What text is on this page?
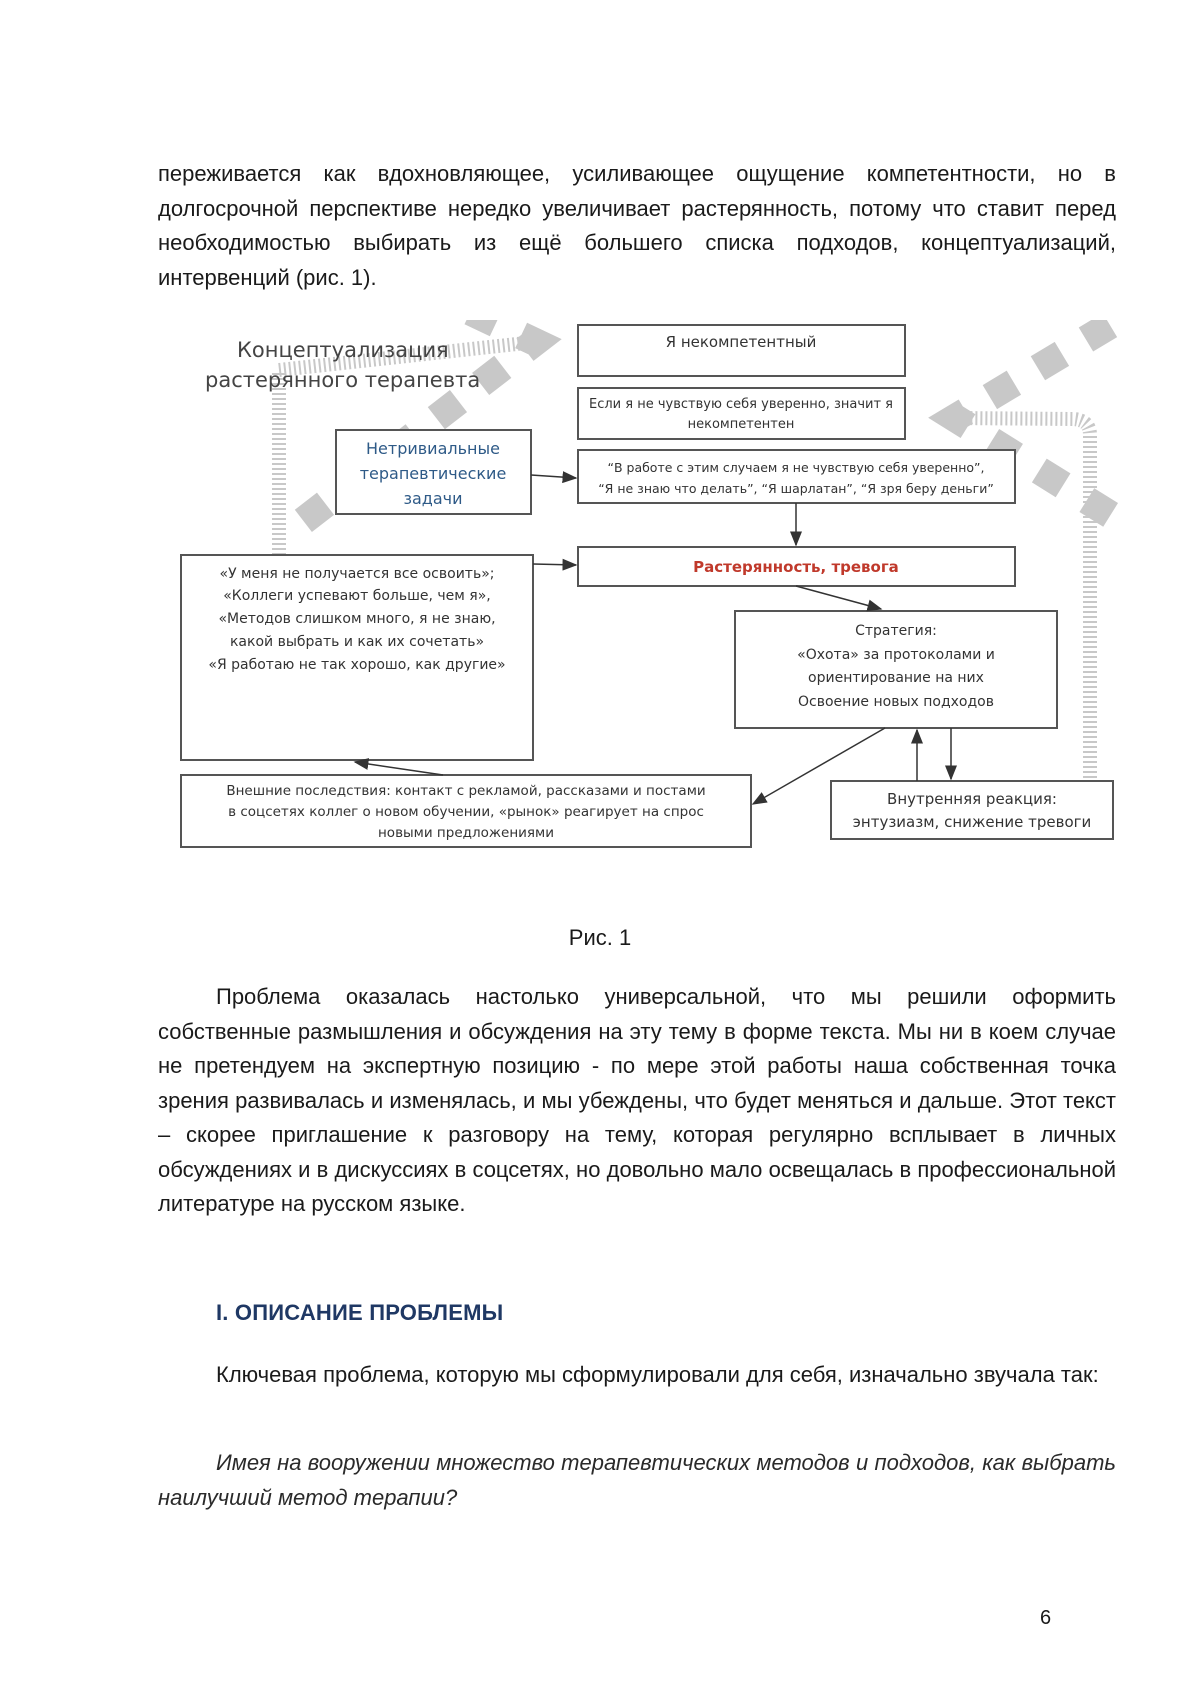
переживается как вдохновляющее, усиливающее ощущение компетентности, но в долгосрочной перспективе нередко увеличивает растерянность, потому что ставит перед необходимостью выбирать из ещё большего списка подходов, концептуализаций, интервенций (рис. 1).

Концептуализация
растерянного терапевта
Я некомпетентный
Если я не чувствую себя уверенно, значит я
некомпетентен
Нетривиальные
терапевтические
задачи
“В работе с этим случаем я не чувствую себя уверенно”,
“Я не знаю что делать”, “Я шарлатан”, “Я зря беру деньги”
Растерянность, тревога
«У меня не получается все освоить»;
«Коллеги успевают больше, чем я»,
«Методов слишком много, я не знаю,
какой выбрать и как их сочетать»
«Я работаю не так хорошо, как другие»
Стратегия:
«Охота» за протоколами и
ориентирование на них
Освоение новых подходов
Внешние последствия: контакт с рекламой, рассказами и постами
в соцсетях коллег о новом обучении, «рынок» реагирует на спрос
новыми предложениями
Внутренняя реакция:
энтузиазм, снижение тревоги

Рис. 1

Проблема оказалась настолько универсальной, что мы решили оформить собственные размышления и обсуждения на эту тему в форме текста. Мы ни в коем случае не претендуем на экспертную позицию - по мере этой работы наша собственная точка зрения развивалась и изменялась, и мы убеждены, что будет меняться и дальше. Этот текст – скорее приглашение к разговору на тему, которая регулярно всплывает в личных обсуждениях и в дискуссиях в соцсетях, но довольно мало освещалась в профессиональной литературе на русском языке.

I. ОПИСАНИЕ ПРОБЛЕМЫ

Ключевая проблема, которую мы сформулировали для себя, изначально звучала так:

Имея на вооружении множество терапевтических методов и подходов, как выбрать наилучший метод терапии?

6
